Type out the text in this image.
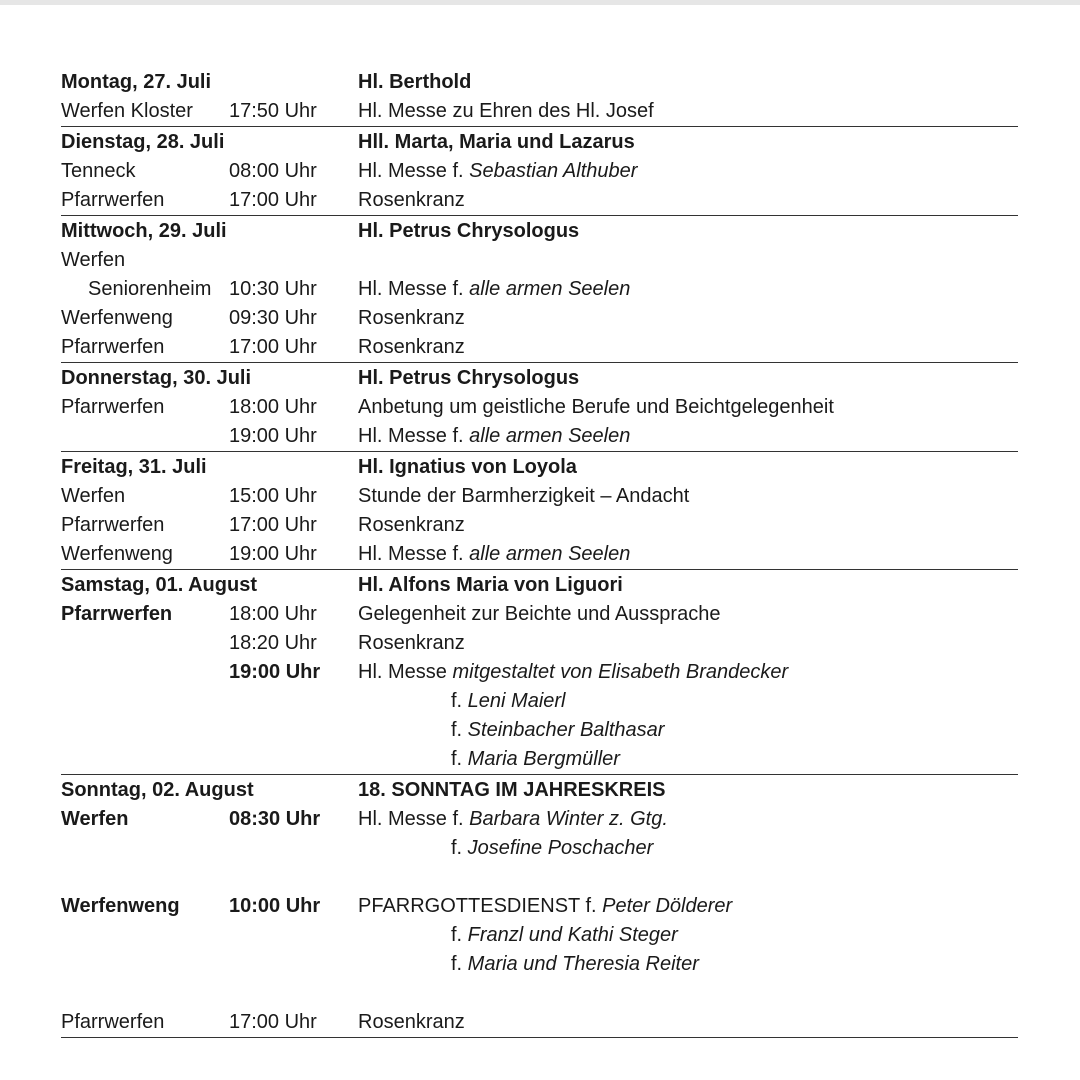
Montag, 27. Juli	Hl. Berthold
Werfen Kloster 17:50 Uhr Hl. Messe zu Ehren des Hl. Josef
Dienstag, 28. Juli	Hll. Marta, Maria und Lazarus
Tenneck	08:00 Uhr Hl. Messe f. Sebastian Althuber
Pfarrwerfen	17:00 Uhr Rosenkranz
Mittwoch, 29. Juli	Hl. Petrus Chrysologus
Werfen
Seniorenheim 10:30 Uhr Hl. Messe f. alle armen Seelen
Werfenweng	09:30 Uhr Rosenkranz
Pfarrwerfen	17:00 Uhr Rosenkranz
Donnerstag, 30. Juli	Hl. Petrus Chrysologus
Pfarrwerfen	18:00 Uhr Anbetung um geistliche Berufe und Beichtgelegenheit
19:00 Uhr Hl. Messe f. alle armen Seelen
Freitag, 31. Juli	Hl. Ignatius von Loyola
Werfen	15:00 Uhr Stunde der Barmherzigkeit – Andacht
Pfarrwerfen	17:00 Uhr Rosenkranz
Werfenweng	19:00 Uhr Hl. Messe f. alle armen Seelen
Samstag, 01. August	Hl. Alfons Maria von Liguori
Pfarrwerfen	18:00 Uhr Gelegenheit zur Beichte und Aussprache
18:20 Uhr Rosenkranz
19:00 Uhr Hl. Messe mitgestaltet von Elisabeth Brandecker
f. Leni Maierl
f. Steinbacher Balthasar
f. Maria Bergmüller
Sonntag, 02. August	18. SONNTAG IM JAHRESKREIS
Werfen	08:30 Uhr Hl. Messe f. Barbara Winter z. Gtg.
f. Josefine Poschacher
Werfenweng 10:00 Uhr PFARRGOTTESDIENST f. Peter Dölderer
f. Franzl und Kathi Steger
f. Maria und Theresia Reiter
Pfarrwerfen	17:00 Uhr Rosenkranz
